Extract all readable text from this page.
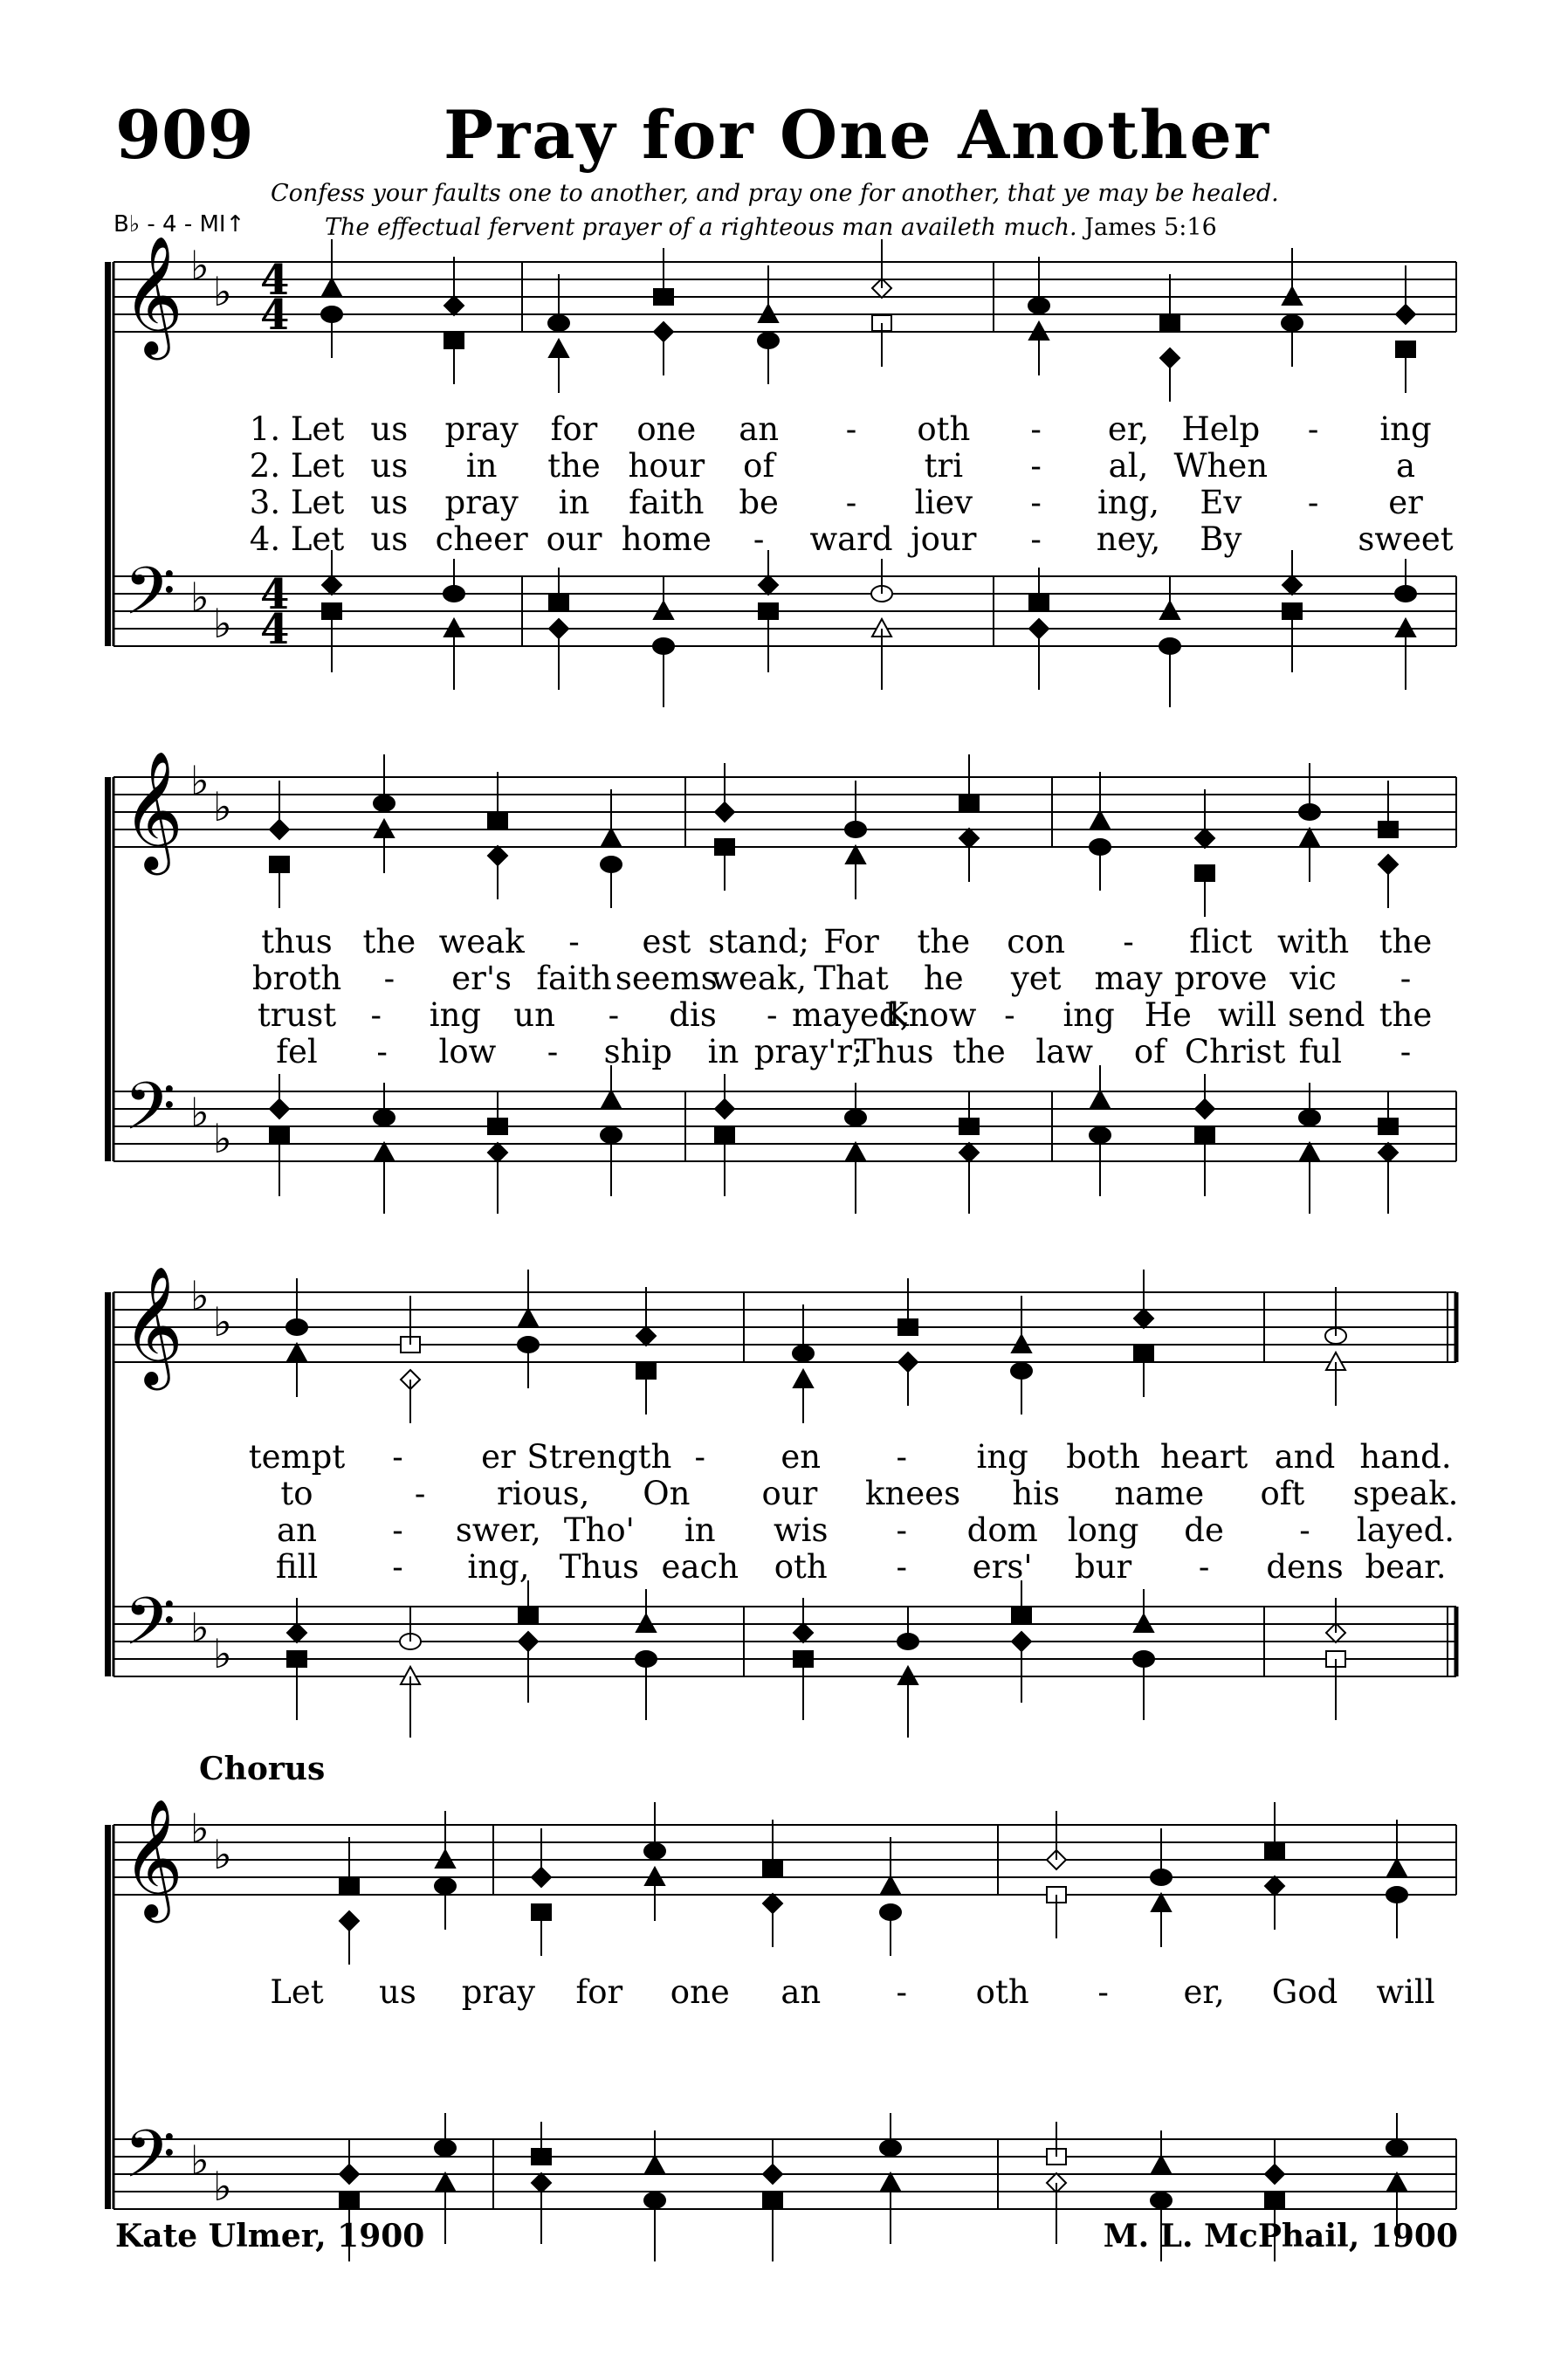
909	Pray for One Another
Confess your faults one to another, and pray one for another, that ye may be healed.
The effectual fervent prayer of a righteous man availeth much. James 5:16
B♭ - 4 - MI↑
Chorus
𝄞
𝄢
♭
♭
♭
♭
4
4
4
4
𝄞
𝄢
♭
♭
♭
♭
𝄞
𝄢
♭
♭
♭
♭
𝄞
𝄢
♭
♭
♭
♭
1. Let us pray for one an - oth - er, Help - ing
2. Let us in the hour of	tri - al, When	a
3. Let us pray in faith be - liev - ing, Ev - er
4. Let us cheer our home - ward jour - ney, By	sweet
thus the weak - est stand; For the con - flict with the
broth - er's faith seems
weak, That he yet may prove vic -
trust - ing un - dis - mayed;
Know - ing He will send the
fel - low - ship in pray'r;
Thus the law of Christ ful -
tempt - er Strength - en - ing both heart and hand.
to	- rious, On our knees his name oft speak.
an - swer, Tho' in wis - dom long de - layed.
fill - ing, Thus each oth - ers' bur - dens bear.
Let us pray for one an - oth - er, God will
Kate Ulmer, 1900	M. L. McPhail, 1900
